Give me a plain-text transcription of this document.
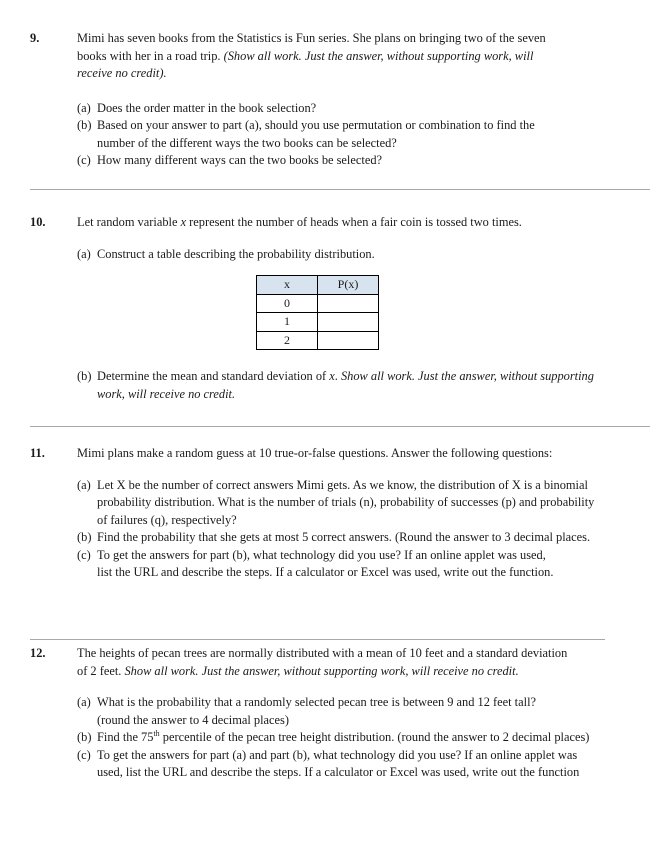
9.	Mimi has seven books from the Statistics is Fun series. She plans on bringing two of the seven
books with her in a road trip. (Show all work. Just the answer, without supporting work, will
receive no credit).
(a) Does the order matter in the book selection?
(b) Based on your answer to part (a), should you use permutation or combination to find the
number of the different ways the two books can be selected?
(c) How many different ways can the two books be selected?
10.	Let random variable x represent the number of heads when a fair coin is tossed two times.
(a) Construct a table describing the probability distribution.
x	P(x)
0	
1	
2	
(b) Determine the mean and standard deviation of x. Show all work. Just the answer, without supporting
work, will receive no credit.
11.	Mimi plans make a random guess at 10 true-or-false questions. Answer the following questions:
(a) Let X be the number of correct answers Mimi gets. As we know, the distribution of X is a binomial
probability distribution. What is the number of trials (n), probability of successes (p) and probability
of failures (q), respectively?
(b) Find the probability that she gets at most 5 correct answers. (Round the answer to 3 decimal places.
(c) To get the answers for part (b), what technology did you use? If an online applet was used,
list the URL and describe the steps. If a calculator or Excel was used, write out the function.
12.	The heights of pecan trees are normally distributed with a mean of 10 feet and a standard deviation
of 2 feet. Show all work. Just the answer, without supporting work, will receive no credit.
(a) What is the probability that a randomly selected pecan tree is between 9 and 12 feet tall?
(round the answer to 4 decimal places)
(b) Find the 75th percentile of the pecan tree height distribution. (round the answer to 2 decimal places)
(c) To get the answers for part (a) and part (b), what technology did you use? If an online applet was
used, list the URL and describe the steps. If a calculator or Excel was used, write out the function
